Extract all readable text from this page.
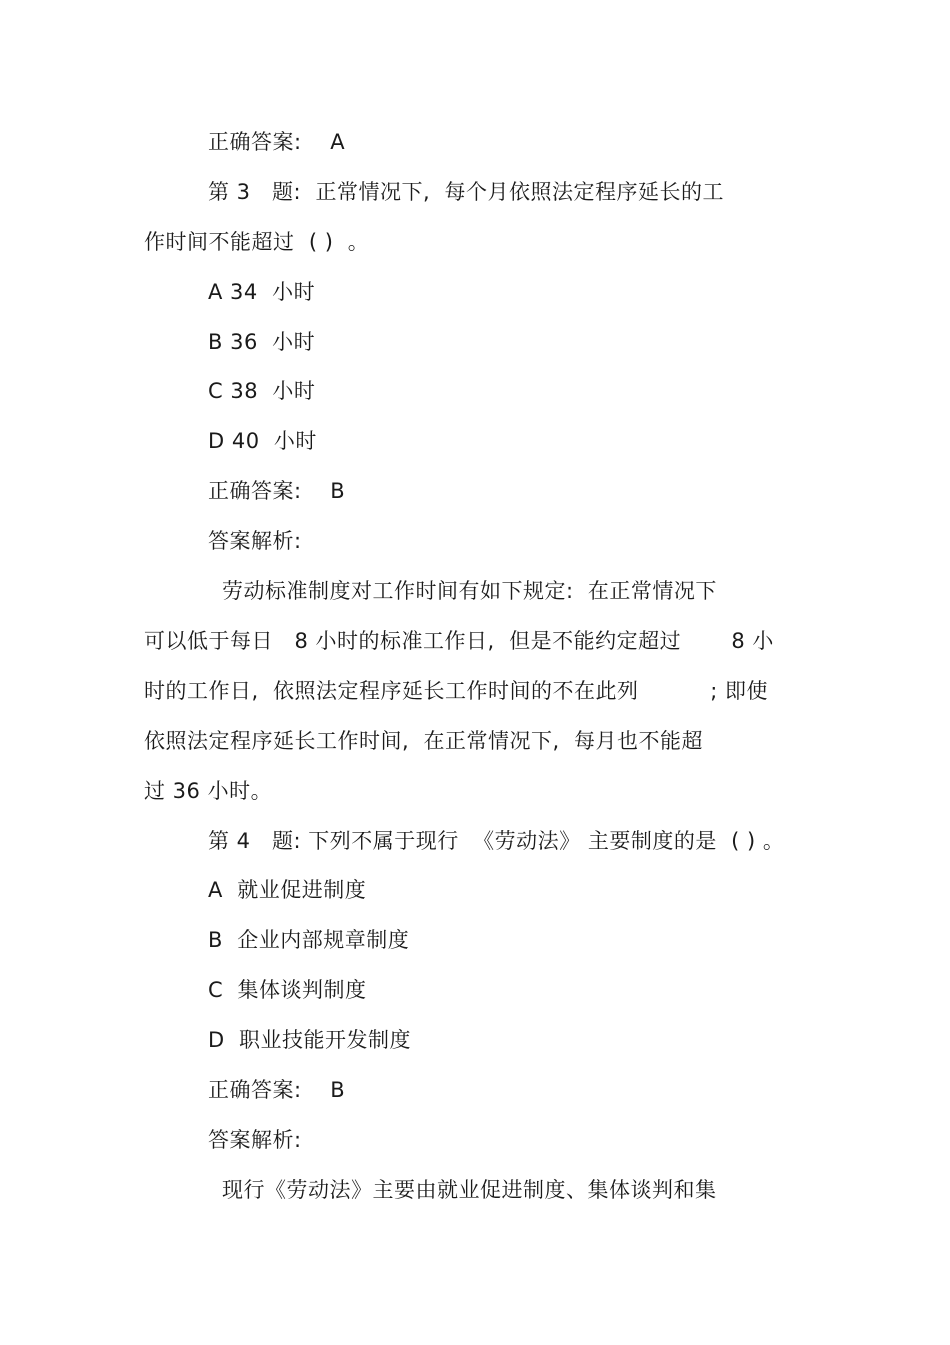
正确答案:    A
第 3   题:  正常情况下,  每个月依照法定程序延长的工
作时间不能超过  ( )  。
A 34  小时
B 36  小时
C 38  小时
D 40  小时
正确答案:    B
答案解析:
劳动标准制度对工作时间有如下规定:  在正常情况下
可以低于每日   8 小时的标准工作日,  但是不能约定超过       8 小
时的工作日,  依照法定程序延长工作时间的不在此列          ; 即使
依照法定程序延长工作时间,  在正常情况下,  每月也不能超
过 36 小时。
第 4   题: 下列不属于现行  《劳动法》 主要制度的是  ( ) 。
A  就业促进制度
B  企业内部规章制度
C  集体谈判制度
D  职业技能开发制度
正确答案:    B
答案解析:
现行《劳动法》主要由就业促进制度、集体谈判和集
